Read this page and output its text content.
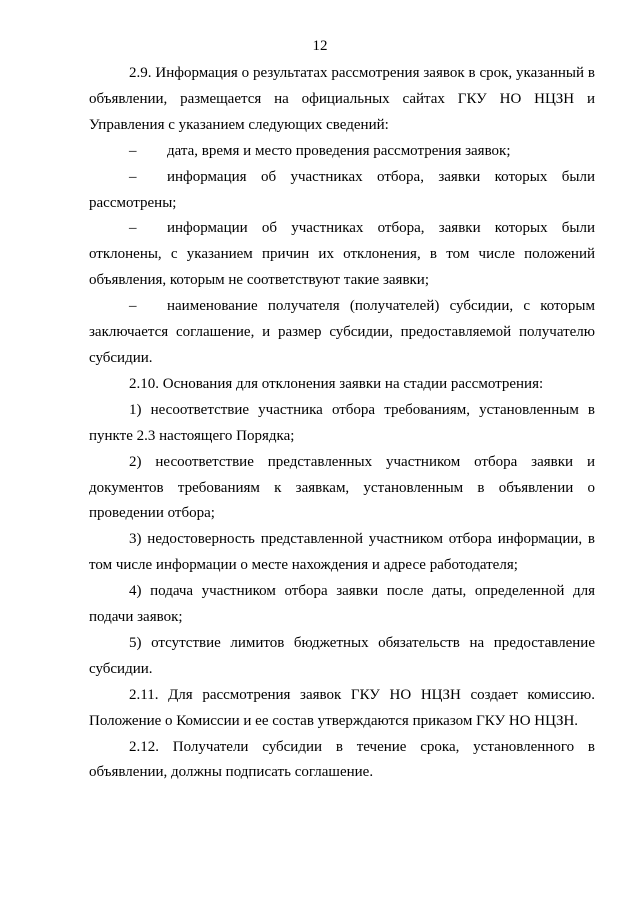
12

2.9. Информация о результатах рассмотрения заявок в срок, указанный в объявлении, размещается на официальных сайтах ГКУ НО НЦЗН и Управления с указанием следующих сведений:

– дата, время и место проведения рассмотрения заявок;

– информация об участниках отбора, заявки которых были рассмотрены;

– информации об участниках отбора, заявки которых были отклонены, с указанием причин их отклонения, в том числе положений объявления, которым не соответствуют такие заявки;

– наименование получателя (получателей) субсидии, с которым заключается соглашение, и размер субсидии, предоставляемой получателю субсидии.

2.10. Основания для отклонения заявки на стадии рассмотрения:

1) несоответствие участника отбора требованиям, установленным в пункте 2.3 настоящего Порядка;

2) несоответствие представленных участником отбора заявки и документов требованиям к заявкам, установленным в объявлении о проведении отбора;

3) недостоверность представленной участником отбора информации, в том числе информации о месте нахождения и адресе работодателя;

4) подача участником отбора заявки после даты, определенной для подачи заявок;

5) отсутствие лимитов бюджетных обязательств на предоставление субсидии.

2.11. Для рассмотрения заявок ГКУ НО НЦЗН создает комиссию. Положение о Комиссии и ее состав утверждаются приказом ГКУ НО НЦЗН.

2.12. Получатели субсидии в течение срока, установленного в объявлении, должны подписать соглашение.
